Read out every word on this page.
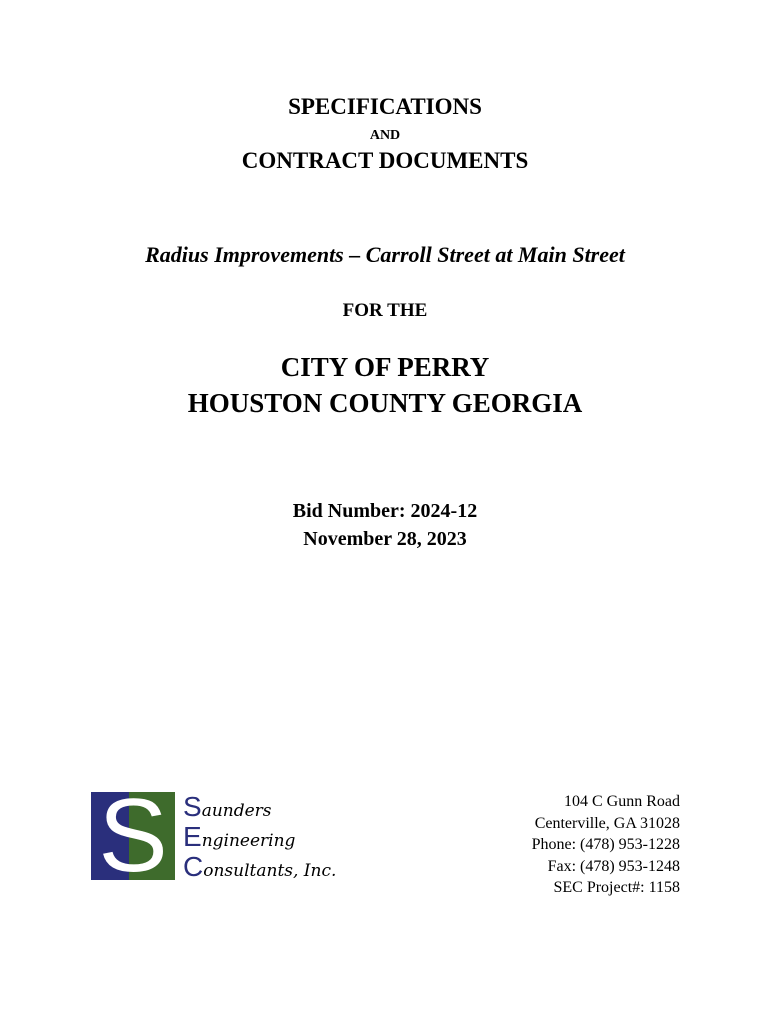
SPECIFICATIONS
AND
CONTRACT DOCUMENTS
Radius Improvements – Carroll Street at Main Street
FOR THE
CITY OF PERRY
HOUSTON COUNTY GEORGIA
Bid Number: 2024-12
November 28, 2023
S Saunders
Engineering
Consultants, Inc.
104 C Gunn Road
Centerville, GA 31028
Phone: (478) 953-1228
Fax: (478) 953-1248
SEC Project#: 1158
